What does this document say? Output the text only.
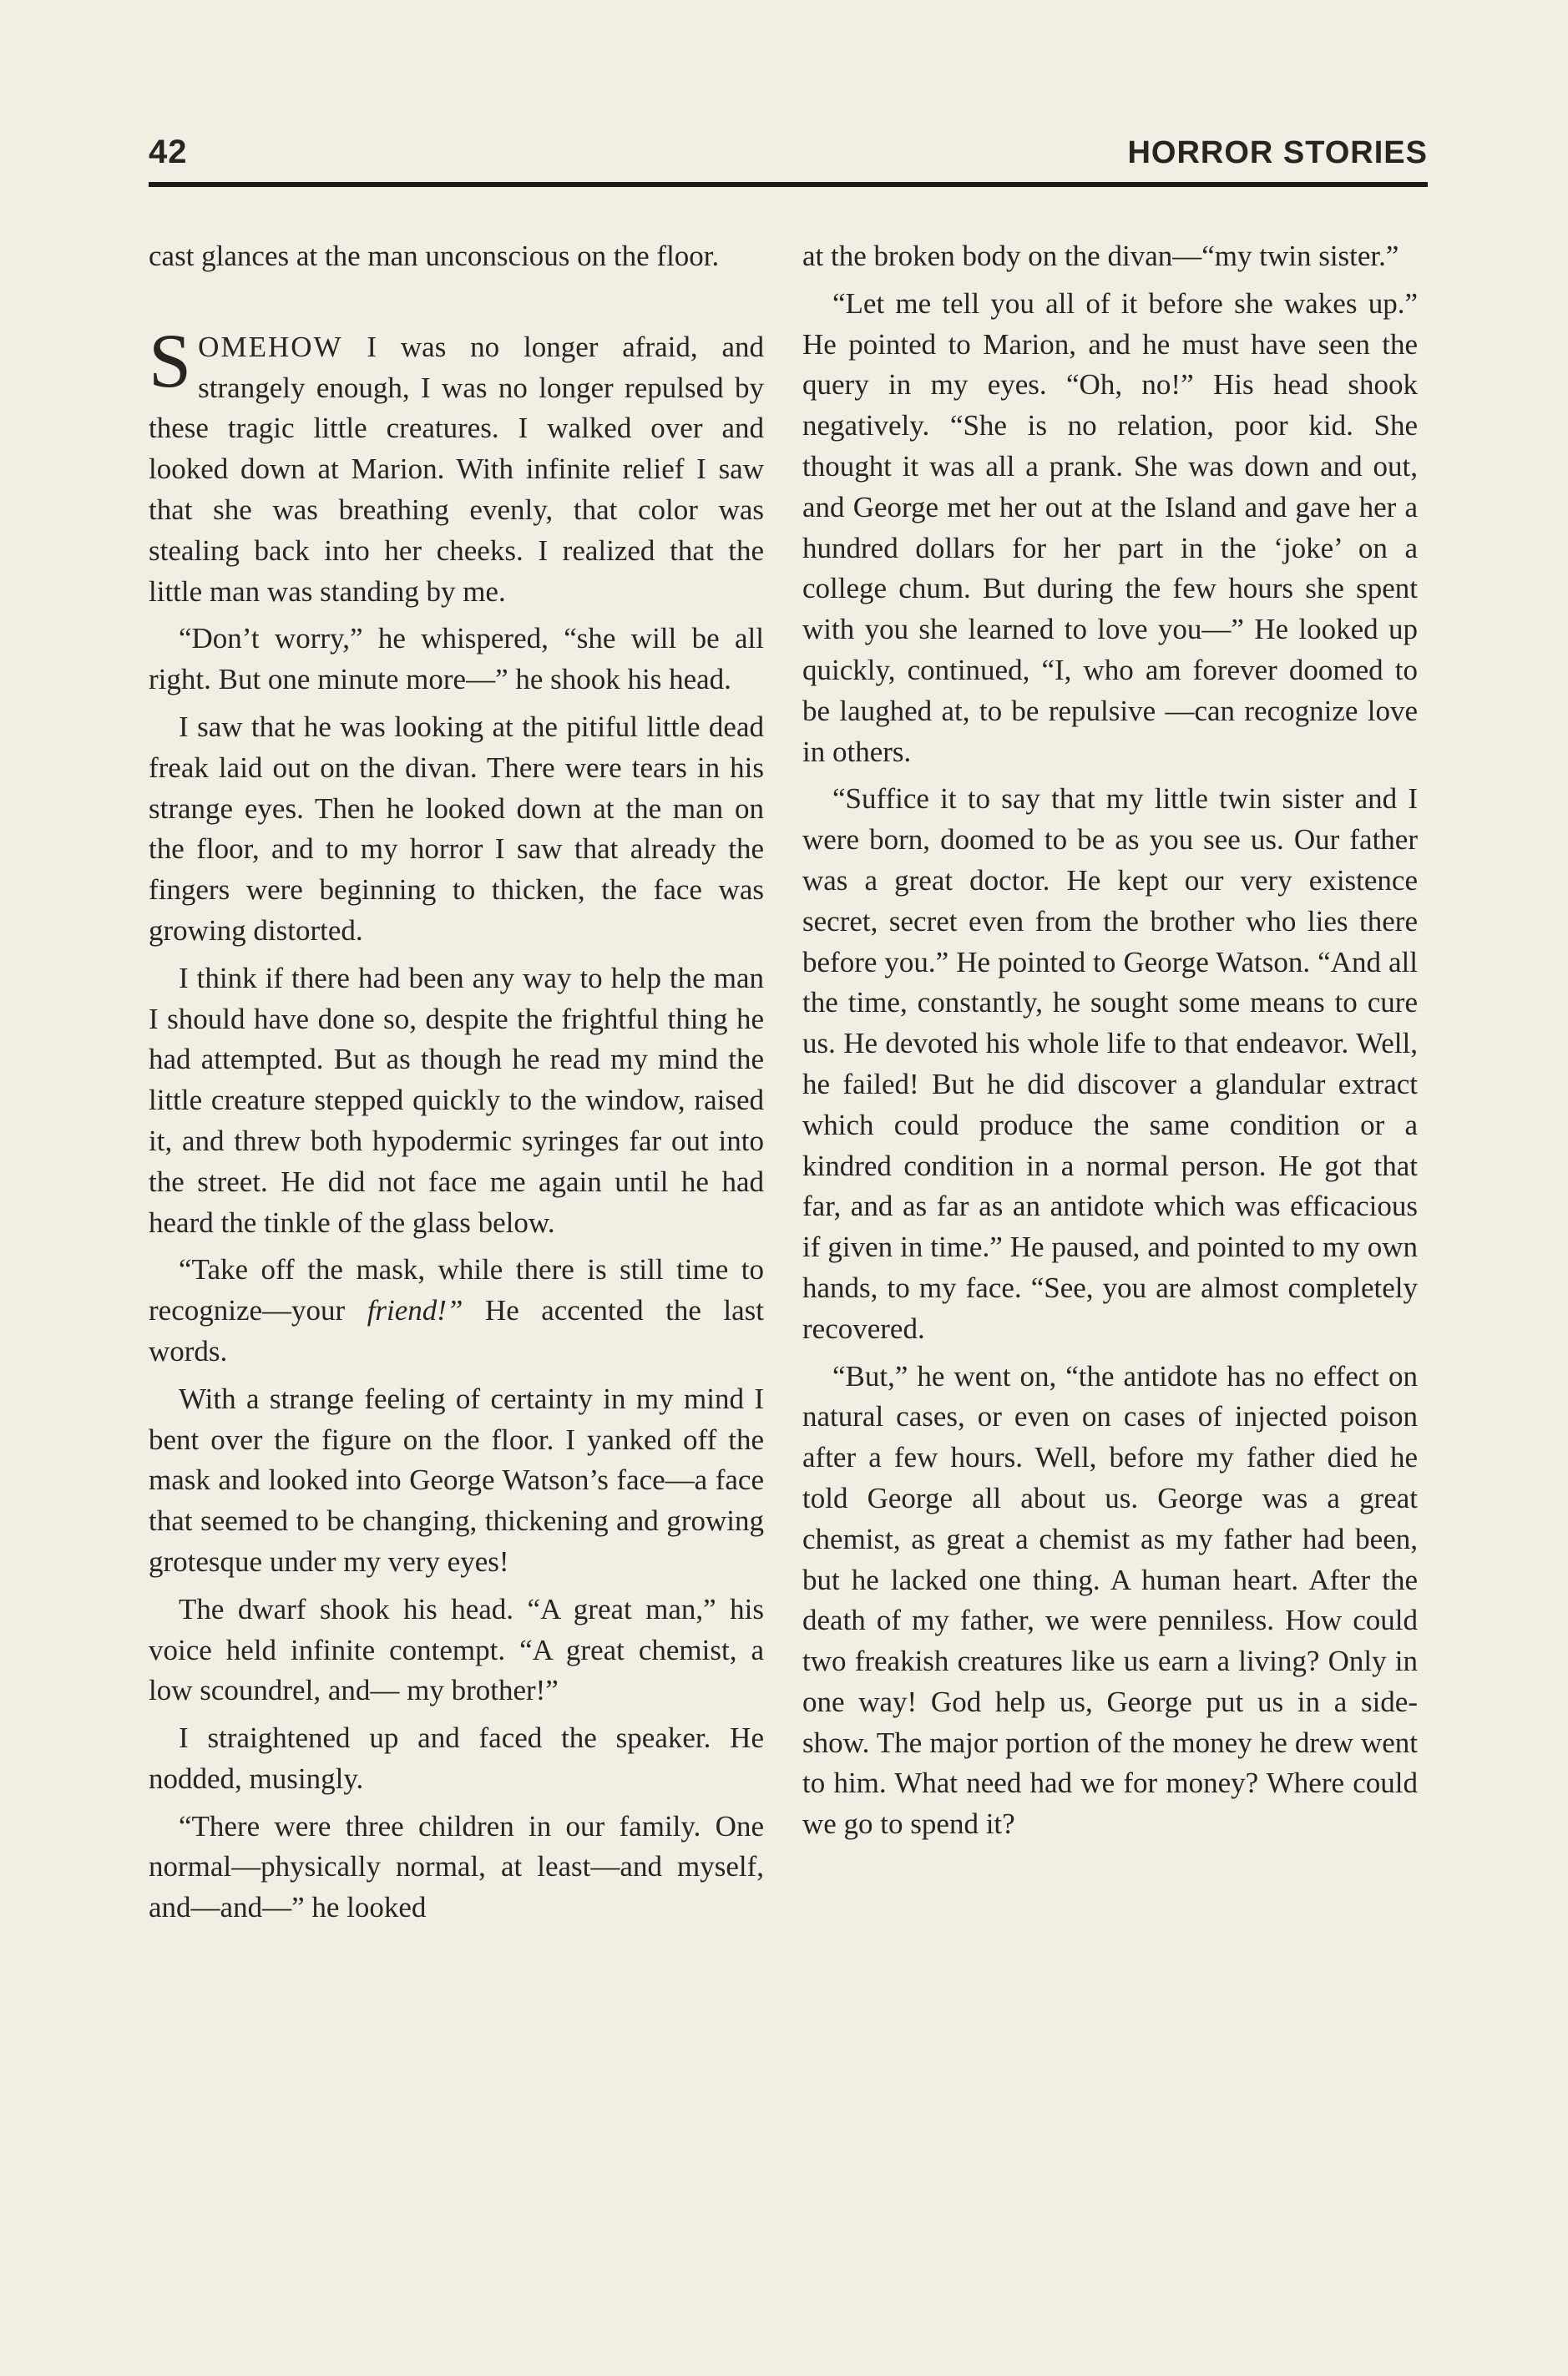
42	HORROR STORIES

cast glances at the man unconscious on the floor.

SOMEHOW I was no longer afraid, and strangely enough, I was no longer repulsed by these tragic little creatures. I walked over and looked down at Marion. With infinite relief I saw that she was breathing evenly, that color was stealing back into her cheeks. I realized that the little man was standing by me.

“Don’t worry,” he whispered, “she will be all right. But one minute more—” he shook his head.

I saw that he was looking at the pitiful little dead freak laid out on the divan. There were tears in his strange eyes. Then he looked down at the man on the floor, and to my horror I saw that already the fingers were beginning to thicken, the face was growing distorted.

I think if there had been any way to help the man I should have done so, despite the frightful thing he had attempted. But as though he read my mind the little creature stepped quickly to the window, raised it, and threw both hypodermic syringes far out into the street. He did not face me again until he had heard the tinkle of the glass below.

“Take off the mask, while there is still time to recognize—your friend!” He accented the last words.

With a strange feeling of certainty in my mind I bent over the figure on the floor. I yanked off the mask and looked into George Watson’s face—a face that seemed to be changing, thickening and growing grotesque under my very eyes!

The dwarf shook his head. “A great man,” his voice held infinite contempt. “A great chemist, a low scoundrel, and— my brother!”

I straightened up and faced the speaker. He nodded, musingly.

“There were three children in our family. One normal—physically normal, at least—and myself, and—and—” he looked

at the broken body on the divan—“my twin sister.”

“Let me tell you all of it before she wakes up.” He pointed to Marion, and he must have seen the query in my eyes. “Oh, no!” His head shook negatively. “She is no relation, poor kid. She thought it was all a prank. She was down and out, and George met her out at the Island and gave her a hundred dollars for her part in the ‘joke’ on a college chum. But during the few hours she spent with you she learned to love you—” He looked up quickly, continued, “I, who am forever doomed to be laughed at, to be repulsive —can recognize love in others.

“Suffice it to say that my little twin sister and I were born, doomed to be as you see us. Our father was a great doctor. He kept our very existence secret, secret even from the brother who lies there before you.” He pointed to George Watson. “And all the time, constantly, he sought some means to cure us. He devoted his whole life to that endeavor. Well, he failed! But he did discover a glandular extract which could produce the same condition or a kindred condition in a normal person. He got that far, and as far as an antidote which was efficacious if given in time.” He paused, and pointed to my own hands, to my face. “See, you are almost completely recovered.

“But,” he went on, “the antidote has no effect on natural cases, or even on cases of injected poison after a few hours. Well, before my father died he told George all about us. George was a great chemist, as great a chemist as my father had been, but he lacked one thing. A human heart. After the death of my father, we were penniless. How could two freakish creatures like us earn a living? Only in one way! God help us, George put us in a side-show. The major portion of the money he drew went to him. What need had we for money? Where could we go to spend it?
